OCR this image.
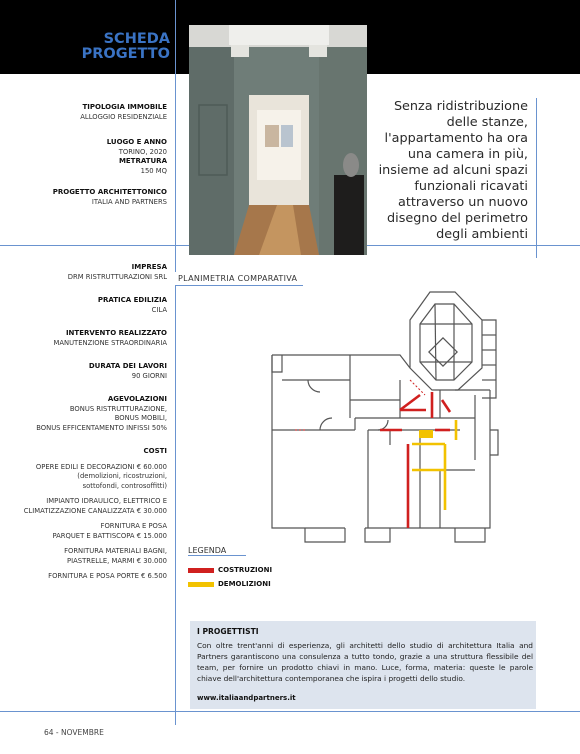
SCHEDA
PROGETTO
Senza ridistribuzione delle stanze, l'appartamento ha ora una camera in più, insieme ad alcuni spazi funzionali ricavati attraverso un nuovo disegno del perimetro degli ambienti
TIPOLOGIA IMMOBILE
ALLOGGIO RESIDENZIALE
LUOGO E ANNO
TORINO, 2020
METRATURA
150 MQ
PROGETTO ARCHITETTONICO
ITALIA AND PARTNERS
IMPRESA
DRM RISTRUTTURAZIONI SRL
PRATICA EDILIZIA
CILA
INTERVENTO REALIZZATO
MANUTENZIONE STRAORDINARIA
DURATA DEI LAVORI
90 GIORNI
AGEVOLAZIONI
BONUS RISTRUTTURAZIONE,
BONUS MOBILI,
BONUS EFFICENTAMENTO INFISSI 50%
COSTI
OPERE EDILI E DECORAZIONI € 60.000
(demolizioni, ricostruzioni,
sottofondi, controsoffitti)
IMPIANTO IDRAULICO, ELETTRICO E
CLIMATIZZAZIONE CANALIZZATA € 30.000
FORNITURA E POSA
PARQUET E BATTISCOPA € 15.000
FORNITURA MATERIALI BAGNI,
PIASTRELLE, MARMI € 30.000
FORNITURA E POSA PORTE € 6.500
PLANIMETRIA COMPARATIVA
LEGENDA
COSTRUZIONI
DEMOLIZIONI
I PROGETTISTI
Con oltre trent'anni di esperienza, gli architetti dello studio di architettura Italia and Partners garantiscono una consulenza a tutto tondo, grazie a una struttura flessibile del team, per fornire un prodotto chiavi in mano. Luce, forma, materia: queste le parole chiave dell'architettura contemporanea che ispira i progetti dello studio.
www.italiaandpartners.it
64 - NOVEMBRE
